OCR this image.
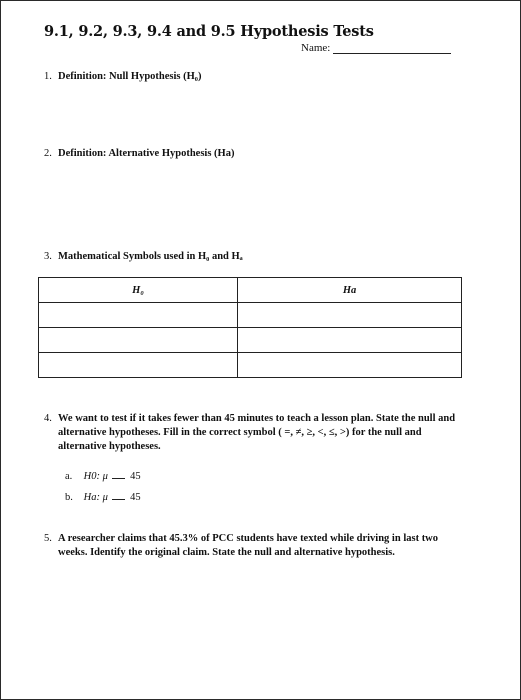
9.1, 9.2, 9.3, 9.4 and 9.5 Hypothesis Tests
Name:
1. Definition: Null Hypothesis (H₀)
2. Definition: Alternative Hypothesis (Ha)
3. Mathematical Symbols used in H₀ and Hₐ
H₀	Ha

4. We want to test if it takes fewer than 45 minutes to teach a lesson plan. State the null and alternative hypotheses. Fill in the correct symbol ( =, ≠, ≥, <, ≤, >) for the null and alternative hypotheses.
a. H0: μ 45
b. Ha: μ 45
5. A researcher claims that 45.3% of PCC students have texted while driving in last two weeks. Identify the original claim. State the null and alternative hypothesis.
